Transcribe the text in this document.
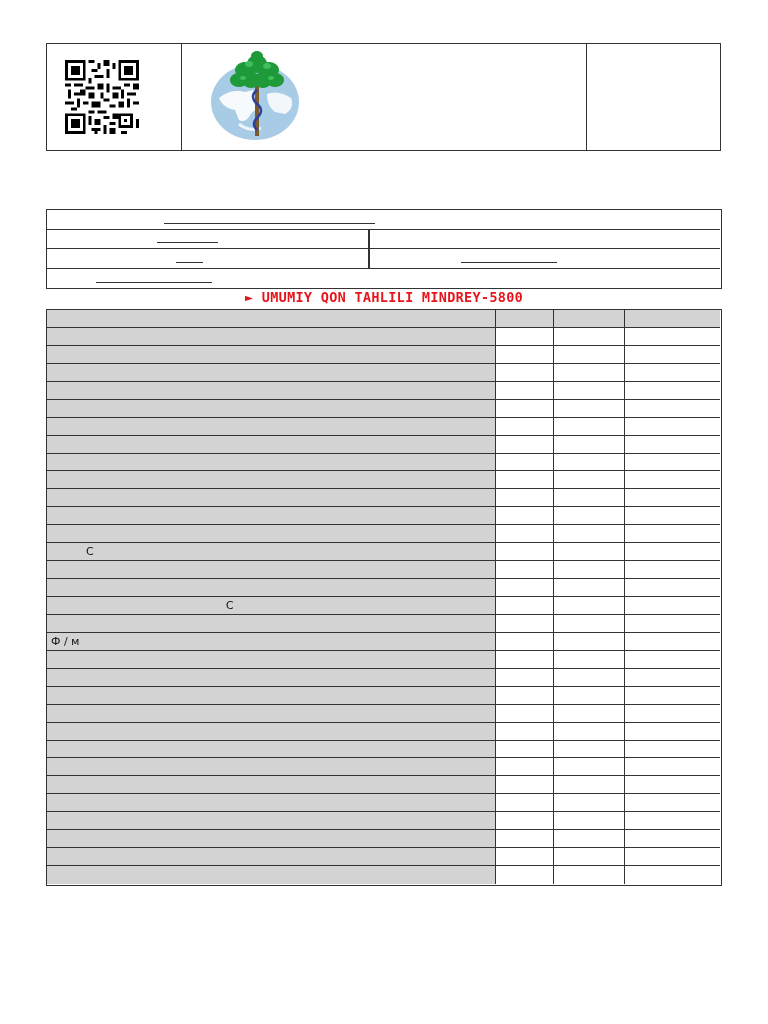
► UMUMIY QON TAHLILI MINDREY-5800
С
С
Ф / м
